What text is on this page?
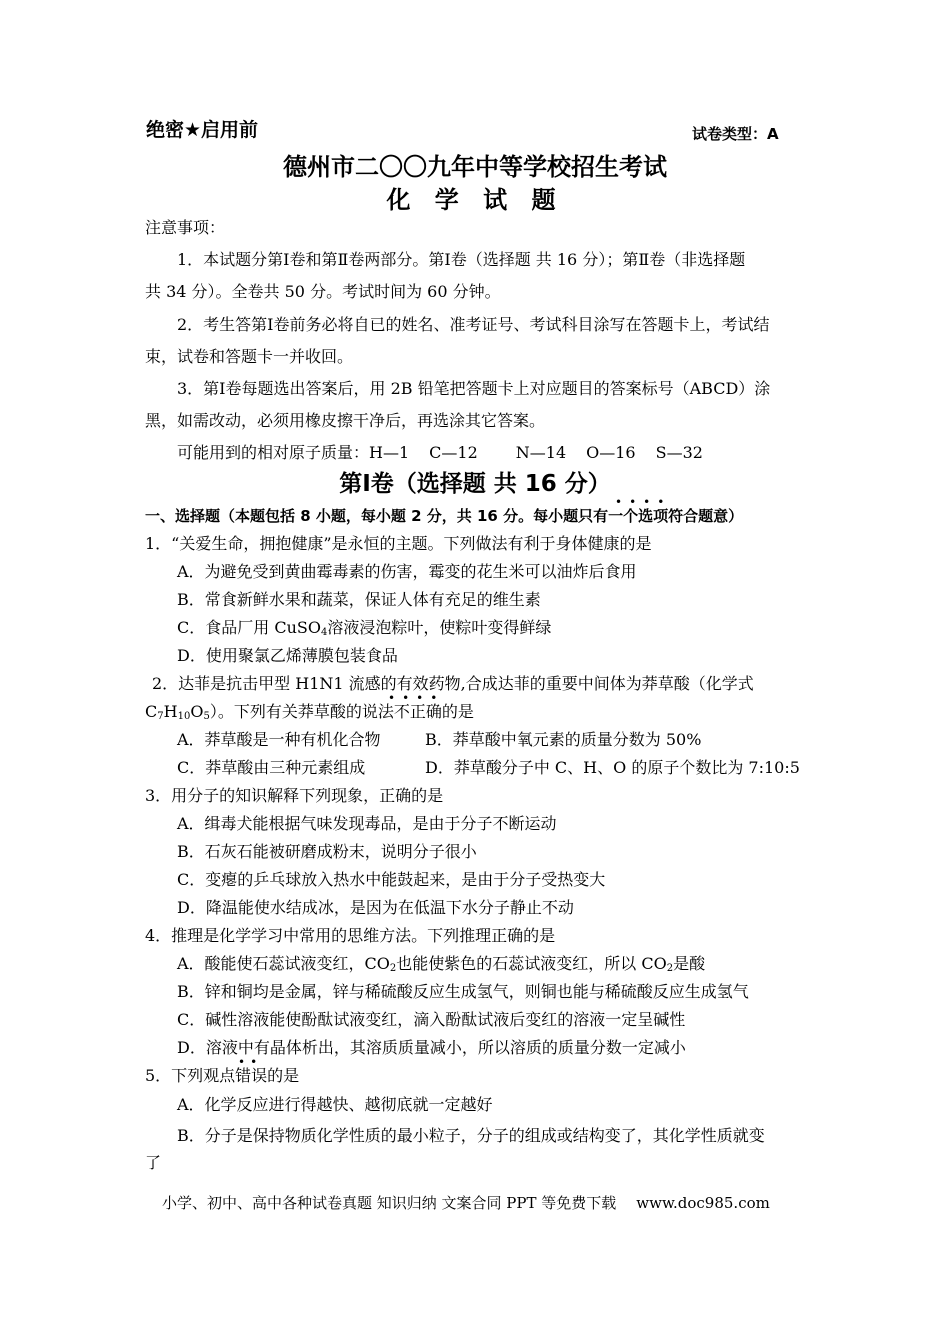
绝密★启用前	试卷类型：A
德州市二〇〇九年中等学校招生考试
化 学 试 题
注意事项：
1．本试题分第Ⅰ卷和第Ⅱ卷两部分。第Ⅰ卷（选择题 共 16 分）；第Ⅱ卷（非选择题
共 34 分）。全卷共 50 分。考试时间为 60 分钟。
2．考生答第Ⅰ卷前务必将自已的姓名、准考证号、考试科目涂写在答题卡上，考试结
束，试卷和答题卡一并收回。
3．第Ⅰ卷每题选出答案后，用 2B 铅笔把答题卡上对应题目的答案标号（ABCD）涂
黑，如需改动，必须用橡皮擦干净后，再选涂其它答案。
可能用到的相对原子质量：H—1 C—12 N—14 O—16 S—32
第Ⅰ卷（选择题 共 16 分）
••••
一、选择题（本题包括 8 小题，每小题 2 分，共 16 分。每小题只有一个选项符合题意）
1．“关爱生命，拥抱健康”是永恒的主题。下列做法有利于身体健康的是
A．为避免受到黄曲霉毒素的伤害，霉变的花生米可以油炸后食用
B．常食新鲜水果和蔬菜，保证人体有充足的维生素
C．食品厂用 CuSO$_4$溶液浸泡粽叶，使粽叶变得鲜绿
D．使用聚氯乙烯薄膜包装食品
2．达菲是抗击甲型 H1N1 流感的有效药物,合成达菲的重要中间体为莽草酸（化学式
$C_7H_{10}O_5$）。下列有关莽草酸的说法不正确的是
••••
A．莽草酸是一种有机化合物	B．莽草酸中氧元素的质量分数为 50%
C．莽草酸由三种元素组成	D．莽草酸分子中 C、H、O 的原子个数比为 7:10:5
3．用分子的知识解释下列现象，正确的是
A．缉毒犬能根据气味发现毒品，是由于分子不断运动
B．石灰石能被研磨成粉末，说明分子很小
C．变瘪的乒乓球放入热水中能鼓起来，是由于分子受热变大
D．降温能使水结成冰，是因为在低温下水分子静止不动
4．推理是化学学习中常用的思维方法。下列推理正确的是
A．酸能使石蕊试液变红，$CO_2$也能使紫色的石蕊试液变红，所以 $CO_2$是酸
B．锌和铜均是金属，锌与稀硫酸反应生成氢气，则铜也能与稀硫酸反应生成氢气
C．碱性溶液能使酚酞试液变红，滴入酚酞试液后变红的溶液一定呈碱性
D．溶液中有晶体析出，其溶质质量减小，所以溶质的质量分数一定减小
5．下列观点错误的是
••
A．化学反应进行得越快、越彻底就一定越好
B．分子是保持物质化学性质的最小粒子，分子的组成或结构变了，其化学性质就变
了
小学、初中、高中各种试卷真题 知识归纳 文案合同 PPT 等免费下载 www.doc985.com
